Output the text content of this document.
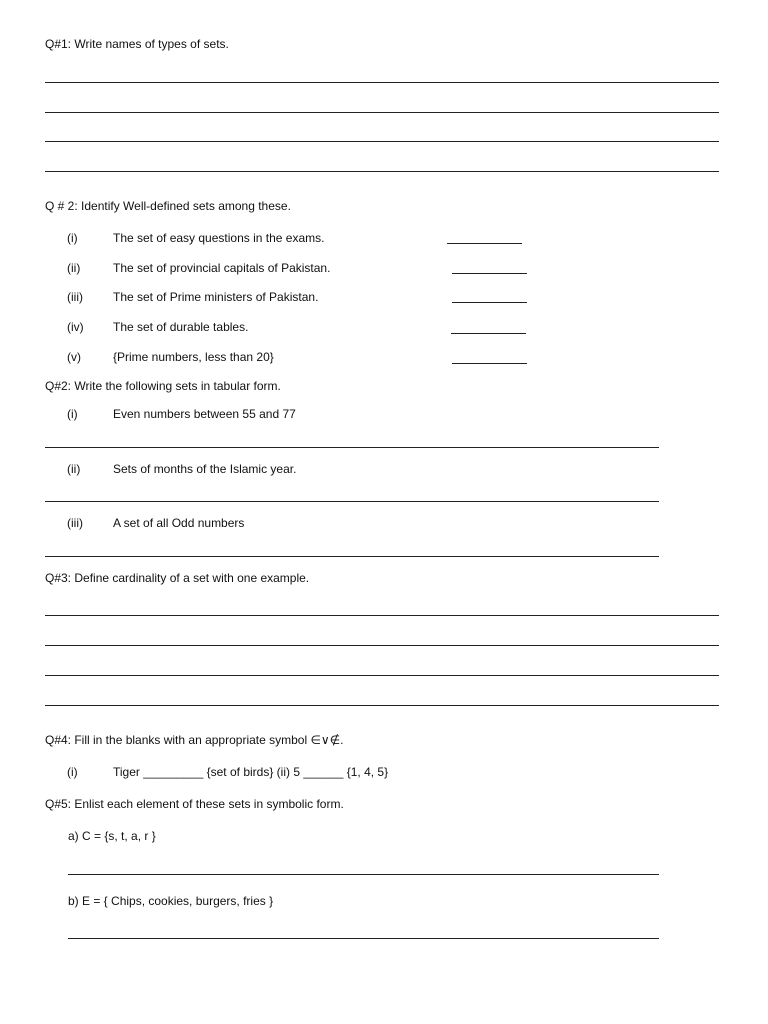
Q#1: Write names of types of sets.
Q # 2: Identify Well-defined sets among these.
(i)	The set of easy questions in the exams.
(ii)	The set of provincial capitals of Pakistan.
(iii)	The set of Prime ministers of Pakistan.
(iv) The set of durable tables.
(v)	{Prime numbers, less than 20}
Q#2: Write the following sets in tabular form.
(i)	Even numbers between 55 and 77
(ii)	Sets of months of the Islamic year.
(iii)	A set of all Odd numbers
Q#3: Define cardinality of a set with one example.
Q#4: Fill in the blanks with an appropriate symbol ∈∨∉.
(i)	Tiger _________ {set of birds} (ii) 5 ______ {1, 4, 5}
Q#5: Enlist each element of these sets in symbolic form.
a) C = {s, t, a, r }
b) E = { Chips, cookies, burgers, fries }
